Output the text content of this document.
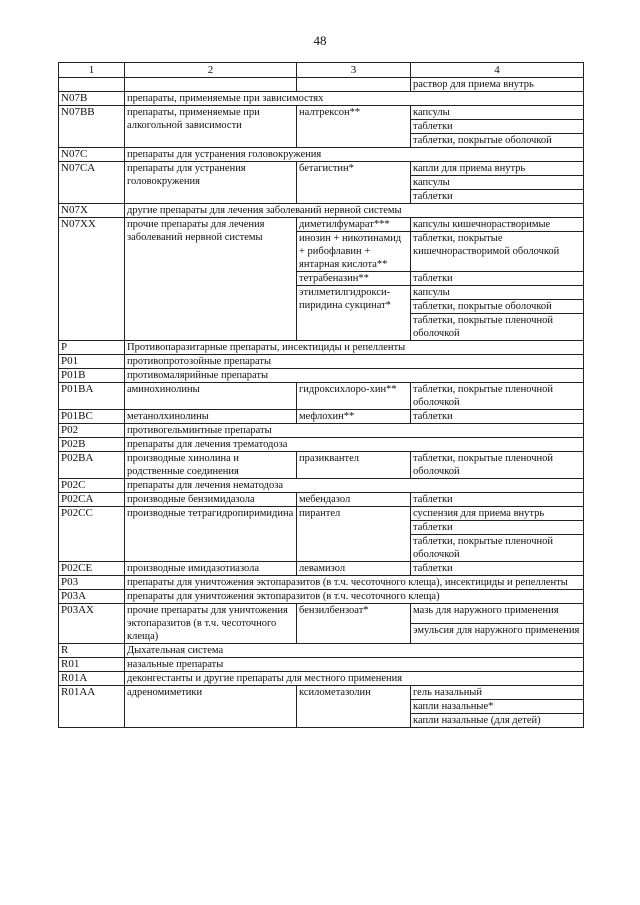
48
1	2	3	4
			раствор для приема внутрь
N07B	препараты, применяемые при зависимостях		
N07BB	препараты, применяемые при алкогольной зависимости	налтрексон**	капсулы
			таблетки
			таблетки, покрытые оболочкой
N07C	препараты для устранения головокружения		
N07CA	препараты для устранения головокружения	бетагистин*	капли для приема внутрь
			капсулы
			таблетки
N07X	другие препараты для лечения заболеваний нервной системы		
N07XX	прочие препараты для лечения заболеваний нервной системы	диметилфумарат***	капсулы кишечнорастворимые
		инозин + никотинамид + рибофлавин + янтарная кислота**	таблетки, покрытые кишечнорастворимой оболочкой
		тетрабеназин**	таблетки
		этилметилгидрокси-пиридина сукцинат*	капсулы
			таблетки, покрытые оболочкой
			таблетки, покрытые пленочной оболочкой
P	Противопаразитарные препараты, инсектициды и репелленты		
P01	противопротозойные препараты		
P01B	противомалярийные препараты		
P01BA	аминохинолины	гидроксихлоро-хин**	таблетки, покрытые пленочной оболочкой
P01BC	метанолхинолины	мефлохин**	таблетки
P02	противогельминтные препараты		
P02B	препараты для лечения трематодоза		
P02BA	производные хинолина и родственные соединения	празиквантел	таблетки, покрытые пленочной оболочкой
P02C	препараты для лечения нематодоза		
P02CA	производные бензимидазола	мебендазол	таблетки
P02CC	производные тетрагидропиримидина	пирантел	суспензия для приема внутрь
			таблетки
			таблетки, покрытые пленочной оболочкой
P02CE	производные имидазотиазола	левамизол	таблетки
P03	препараты для уничтожения эктопаразитов (в т.ч. чесоточного клеща), инсектициды и репелленты		
P03A	препараты для уничтожения эктопаразитов (в т.ч. чесоточного клеща)		
P03AX	прочие препараты для уничтожения эктопаразитов (в т.ч. чесоточного клеща)	бензилбензоат*	мазь для наружного применения
			эмульсия для наружного применения
R	Дыхательная система		
R01	назальные препараты		
R01A	деконгестанты и другие препараты для местного применения		
R01AA	адреномиметики	ксилометазолин	гель назальный
			капли назальные*
			капли назальные (для детей)
